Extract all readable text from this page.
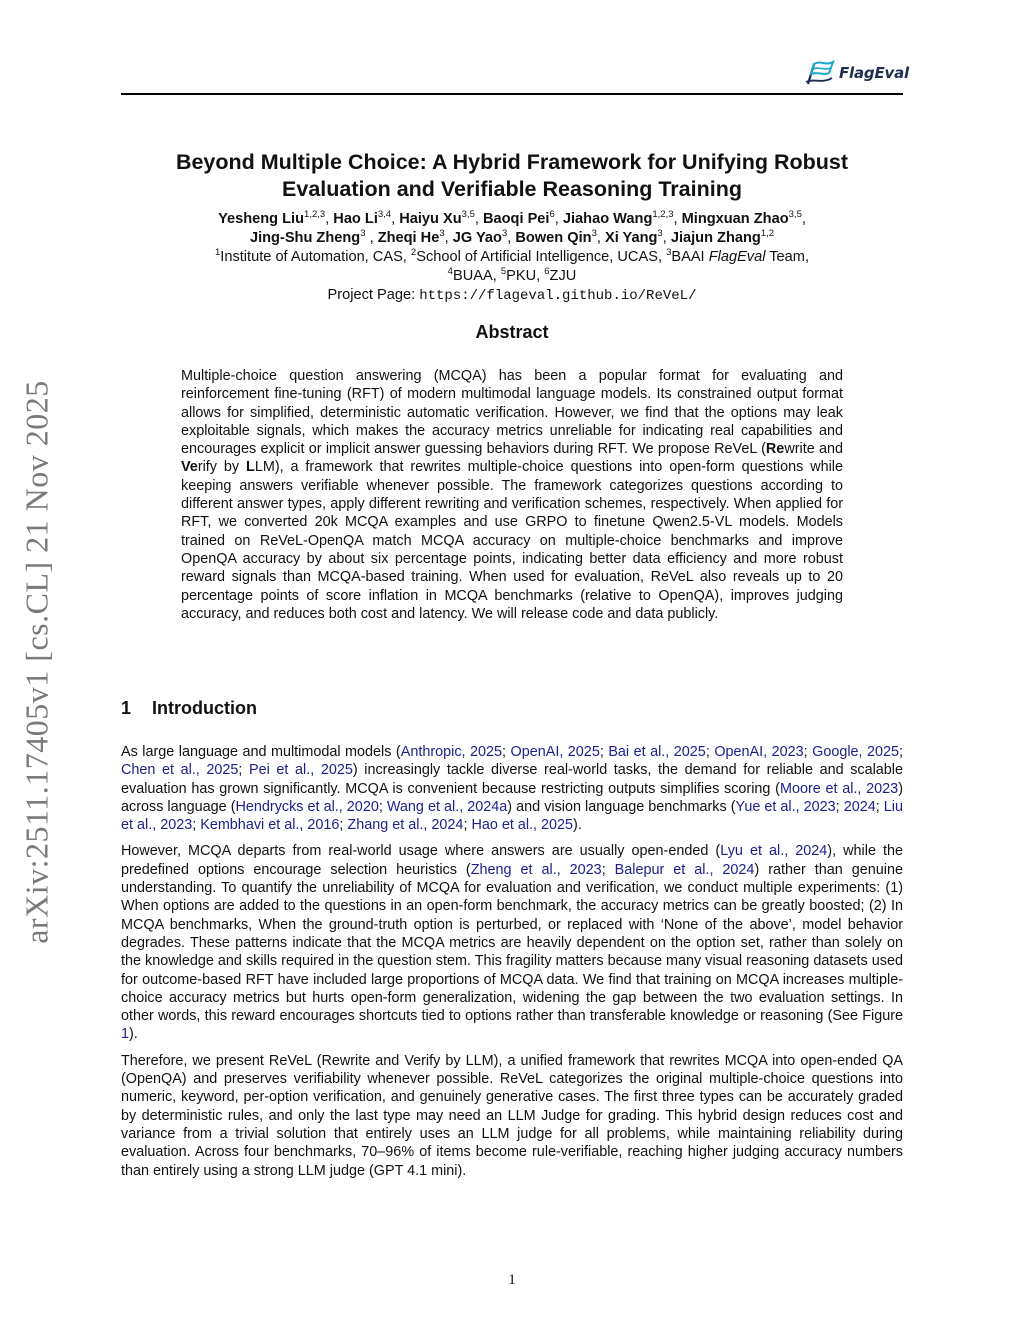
FlagEval
arXiv:2511.17405v1 [cs.CL] 21 Nov 2025
Beyond Multiple Choice: A Hybrid Framework for Unifying Robust
Evaluation and Verifiable Reasoning Training
Yesheng Liu$^{1,2,3}$, Hao Li$^{3,4}$, Haiyu Xu$^{3,5}$, Baoqi Pei$^6$, Jiahao Wang$^{1,2,3}$, Mingxuan Zhao$^{3,5}$,
Jing-Shu Zheng$^3$ , Zheqi He$^3$, JG Yao$^3$, Bowen Qin$^3$, Xi Yang$^3$, Jiajun Zhang$^{1,2}$
$^1$Institute of Automation, CAS, $^2$School of Artificial Intelligence, UCAS, $^3$BAAI FlagEval Team,
$^4$BUAA, $^5$PKU, $^6$ZJU
Project Page: https://flageval.github.io/ReVeL/
Abstract
Multiple-choice question answering (MCQA) has been a popular format for evaluating and reinforcement fine-tuning (RFT) of modern multimodal language models. Its constrained output format allows for simplified, deterministic automatic verification. However, we find that the options may leak exploitable signals, which makes the accuracy metrics unreliable for indicating real capabilities and encourages explicit or implicit answer guessing behaviors during RFT. We propose ReVeL (Rewrite and Verify by LLM), a framework that rewrites multiple-choice questions into open-form questions while keeping answers verifiable whenever possible. The framework categorizes questions according to different answer types, apply different rewriting and verification schemes, respectively. When applied for RFT, we converted 20k MCQA examples and use GRPO to finetune Qwen2.5-VL models. Models trained on ReVeL-OpenQA match MCQA accuracy on multiple-choice benchmarks and improve OpenQA accuracy by about six percentage points, indicating better data efficiency and more robust reward signals than MCQA-based training. When used for evaluation, ReVeL also reveals up to 20 percentage points of score inflation in MCQA benchmarks (relative to OpenQA), improves judging accuracy, and reduces both cost and latency. We will release code and data publicly.
1 Introduction

As large language and multimodal models (Anthropic, 2025; OpenAI, 2025; Bai et al., 2025; OpenAI, 2023; Google, 2025; Chen et al., 2025; Pei et al., 2025) increasingly tackle diverse real-world tasks, the demand for reliable and scalable evaluation has grown significantly. MCQA is convenient because restricting outputs simplifies scoring (Moore et al., 2023) across language (Hendrycks et al., 2020; Wang et al., 2024a) and vision language benchmarks (Yue et al., 2023; 2024; Liu et al., 2023; Kembhavi et al., 2016; Zhang et al., 2024; Hao et al., 2025).

However, MCQA departs from real-world usage where answers are usually open-ended (Lyu et al., 2024), while the predefined options encourage selection heuristics (Zheng et al., 2023; Balepur et al., 2024) rather than genuine understanding. To quantify the unreliability of MCQA for evaluation and verification, we conduct multiple experiments: (1) When options are added to the questions in an open-form benchmark, the accuracy metrics can be greatly boosted; (2) In MCQA benchmarks, When the ground-truth option is perturbed, or replaced with ‘None of the above’, model behavior degrades. These patterns indicate that the MCQA metrics are heavily dependent on the option set, rather than solely on the knowledge and skills required in the question stem. This fragility matters because many visual reasoning datasets used for outcome-based RFT have included large proportions of MCQA data. We find that training on MCQA increases multiple-choice accuracy metrics but hurts open-form generalization, widening the gap between the two evaluation settings. In other words, this reward encourages shortcuts tied to options rather than transferable knowledge or reasoning (See Figure 1).

Therefore, we present ReVeL (Rewrite and Verify by LLM), a unified framework that rewrites MCQA into open-ended QA (OpenQA) and preserves verifiability whenever possible. ReVeL categorizes the original multiple-choice questions into numeric, keyword, per-option verification, and genuinely generative cases. The first three types can be accurately graded by deterministic rules, and only the last type may need an LLM Judge for grading. This hybrid design reduces cost and variance from a trivial solution that entirely uses an LLM judge for all problems, while maintaining reliability during evaluation. Across four benchmarks, 70–96% of items become rule-verifiable, reaching higher judging accuracy numbers than entirely using a strong LLM judge (GPT 4.1 mini).

1
